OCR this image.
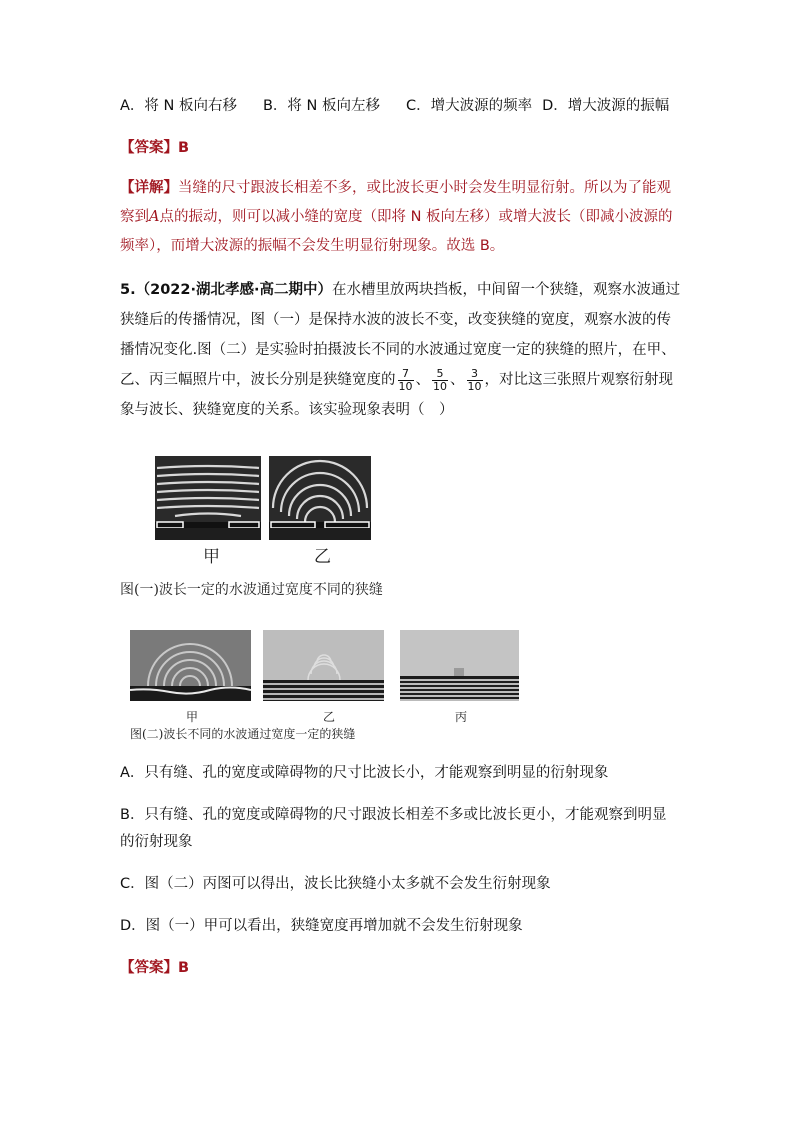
A．将 N 板向右移 B．将 N 板向左移 C．增大波源的频率 D．增大波源的振幅
【答案】B
【详解】当缝的尺寸跟波长相差不多，或比波长更小时会发生明显衍射。所以为了能观察到A点的振动，则可以减小缝的宽度（即将 N 板向左移）或增大波长（即减小波源的频率），而增大波源的振幅不会发生明显衍射现象。故选 B。
5.（2022·湖北孝感·高二期中）在水槽里放两块挡板，中间留一个狭缝，观察水波通过狭缝后的传播情况，图（一）是保持水波的波长不变，改变狭缝的宽度，观察水波的传播情况变化.图（二）是实验时拍摄波长不同的水波通过宽度一定的狭缝的照片，在甲、乙、丙三幅照片中，波长分别是狭缝宽度的 $\frac{7}{10}$ 、 $\frac{5}{10}$ 、 $\frac{3}{10}$ ，对比这三张照片观察衍射现象与波长、狭缝宽度的关系。该实验现象表明（　）
甲	乙
图(一)波长一定的水波通过宽度不同的狭缝
甲	乙	丙
图(二)波长不同的水波通过宽度一定的狭缝
A．只有缝、孔的宽度或障碍物的尺寸比波长小，才能观察到明显的衍射现象
B．只有缝、孔的宽度或障碍物的尺寸跟波长相差不多或比波长更小，才能观察到明显
的衍射现象
C．图（二）丙图可以得出，波长比狭缝小太多就不会发生衍射现象
D．图（一）甲可以看出，狭缝宽度再增加就不会发生衍射现象
【答案】B
